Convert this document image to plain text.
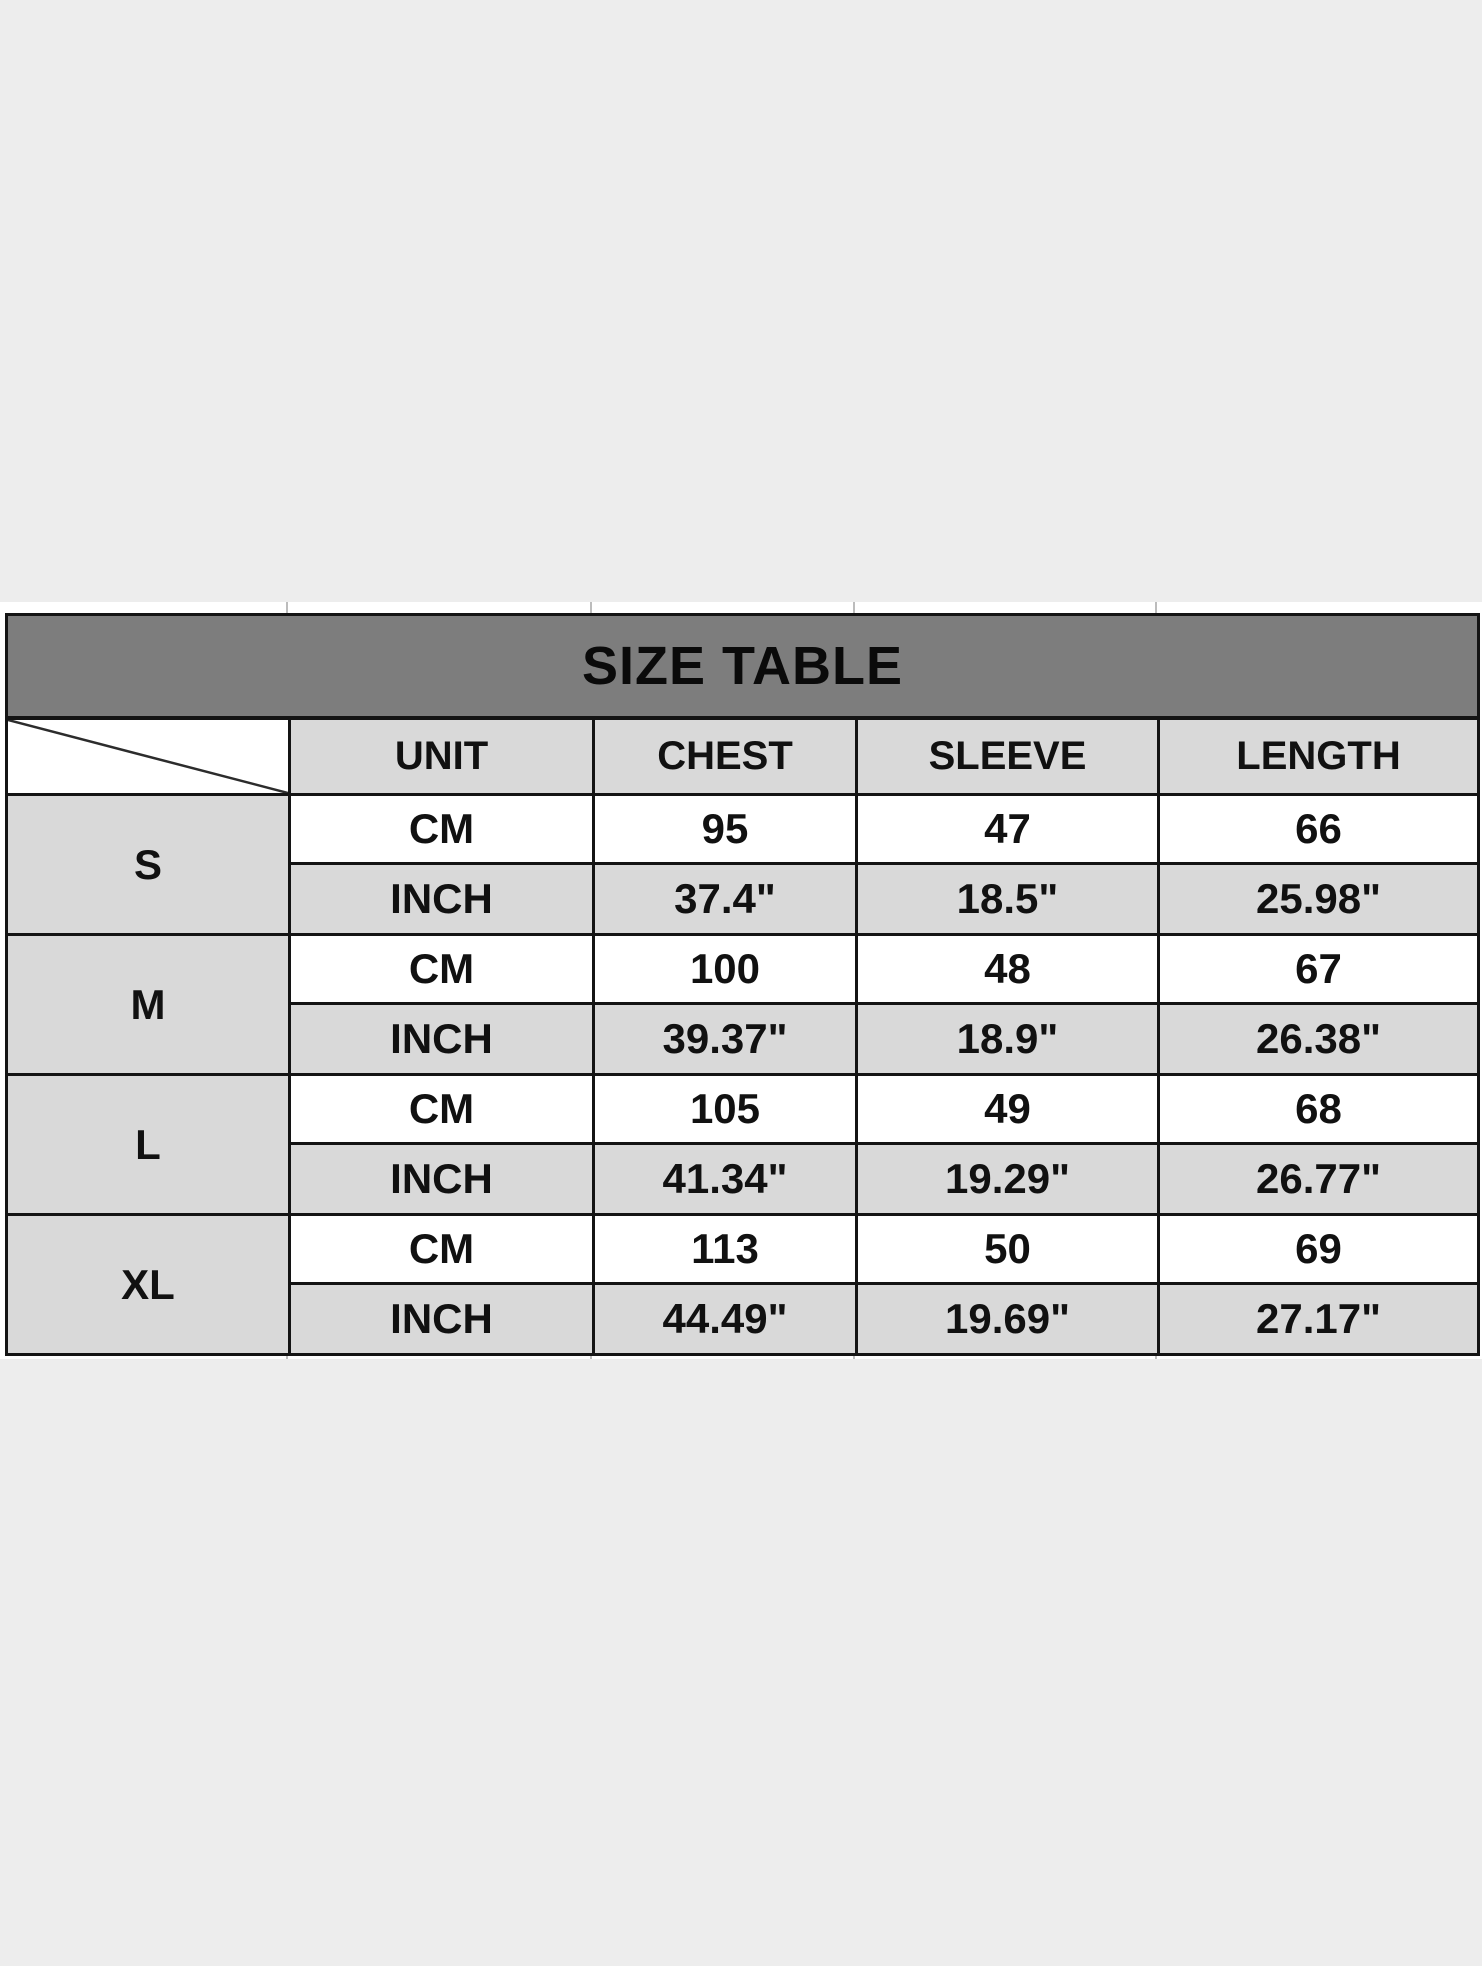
SIZE TABLE				

	UNIT	CHEST	SLEEVE	LENGTH
S	CM	95	47	66
	INCH	37.4"	18.5"	25.98"
M	CM	100	48	67
	INCH	39.37"	18.9"	26.38"
L	CM	105	49	68
	INCH	41.34"	19.29"	26.77"
XL	CM	113	50	69
	INCH	44.49"	19.69"	27.17"
